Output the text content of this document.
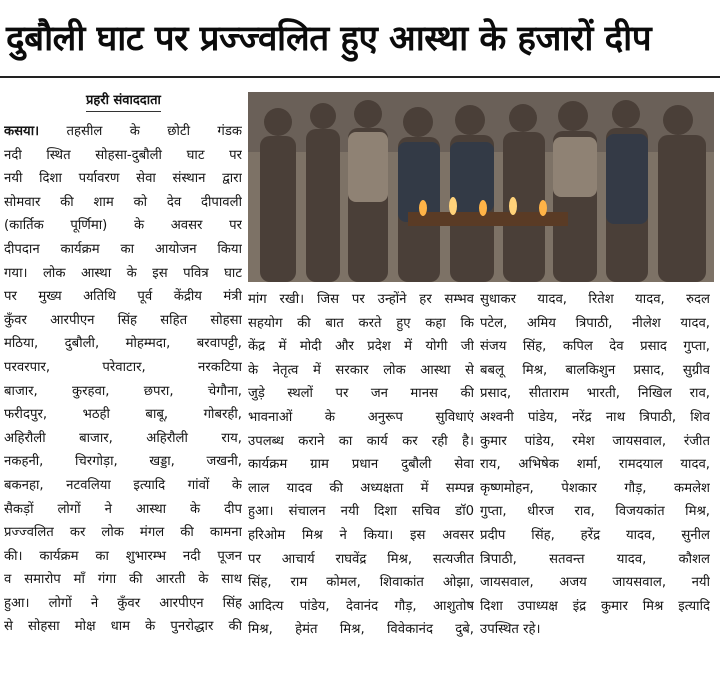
दुबौली घाट पर प्रज्ज्वलित हुए आस्था के हजारों दीप
प्रहरी संवाददाता
कसया। तहसील के छोटी गंडक
नदी स्थित सोहसा-दुबौली घाट पर
नयी दिशा पर्यावरण सेवा संस्थान द्वारा
सोमवार की शाम को देव दीपावली
(कार्तिक पूर्णिमा) के अवसर पर
दीपदान कार्यक्रम का आयोजन किया
गया। लोक आस्था के इस पवित्र घाट
पर मुख्य अतिथि पूर्व केंद्रीय मंत्री
कुँवर आरपीएन सिंह सहित सोहसा
मठिया, दुबौली, मोहम्मदा, बरवापट्टी,
परवरपार, परेवाटार, नरकटिया
बाजार, कुरहवा, छपरा, चेगौना,
फरीदपुर, भठही बाबू, गोबरही,
अहिरौली बाजार, अहिरौली राय,
नकहनी, चिरगोड़ा, खड्डा, जखनी,
बकनहा, नटवलिया इत्यादि गांवों के
सैकड़ों लोगों ने आस्था के दीप
प्रज्ज्वलित कर लोक मंगल की कामना
की। कार्यक्रम का शुभारम्भ नदी पूजन
व समारोप माँ गंगा की आरती के साथ
हुआ। लोगों ने कुँवर आरपीएन सिंह
से सोहसा मोक्ष धाम के पुनरोद्धार की
मांग रखी। जिस पर उन्होंने हर सम्भव
सहयोग की बात करते हुए कहा कि
केंद्र में मोदी और प्रदेश में योगी जी
के नेतृत्व में सरकार लोक आस्था से
जुड़े स्थलों पर जन मानस की
भावनाओं के अनुरूप सुविधाएं
उपलब्ध कराने का कार्य कर रही है।
कार्यक्रम ग्राम प्रधान दुबौली सेवा
लाल यादव की अध्यक्षता में सम्पन्न
हुआ। संचालन नयी दिशा सचिव डॉ0
हरिओम मिश्र ने किया। इस अवसर
पर आचार्य राघवेंद्र मिश्र, सत्यजीत
सिंह, राम कोमल, शिवाकांत ओझा,
आदित्य पांडेय, देवानंद गौड़, आशुतोष
मिश्र, हेमंत मिश्र, विवेकानंद दुबे,
सुधाकर यादव, रितेश यादव, रुदल
पटेल, अमिय त्रिपाठी, नीलेश यादव,
संजय सिंह, कपिल देव प्रसाद गुप्ता,
बबलू मिश्र, बालकिशुन प्रसाद, सुग्रीव
प्रसाद, सीताराम भारती, निखिल राव,
अश्वनी पांडेय, नरेंद्र नाथ त्रिपाठी, शिव
कुमार पांडेय, रमेश जायसवाल, रंजीत
राय, अभिषेक शर्मा, रामदयाल यादव,
कृष्णमोहन, पेशकार गौड़, कमलेश
गुप्ता, धीरज राव, विजयकांत मिश्र,
प्रदीप सिंह, हरेंद्र यादव, सुनील
त्रिपाठी, सतवन्त यादव, कौशल
जायसवाल, अजय जायसवाल, नयी
दिशा उपाध्यक्ष इंद्र कुमार मिश्र इत्यादि
उपस्थित रहे।
